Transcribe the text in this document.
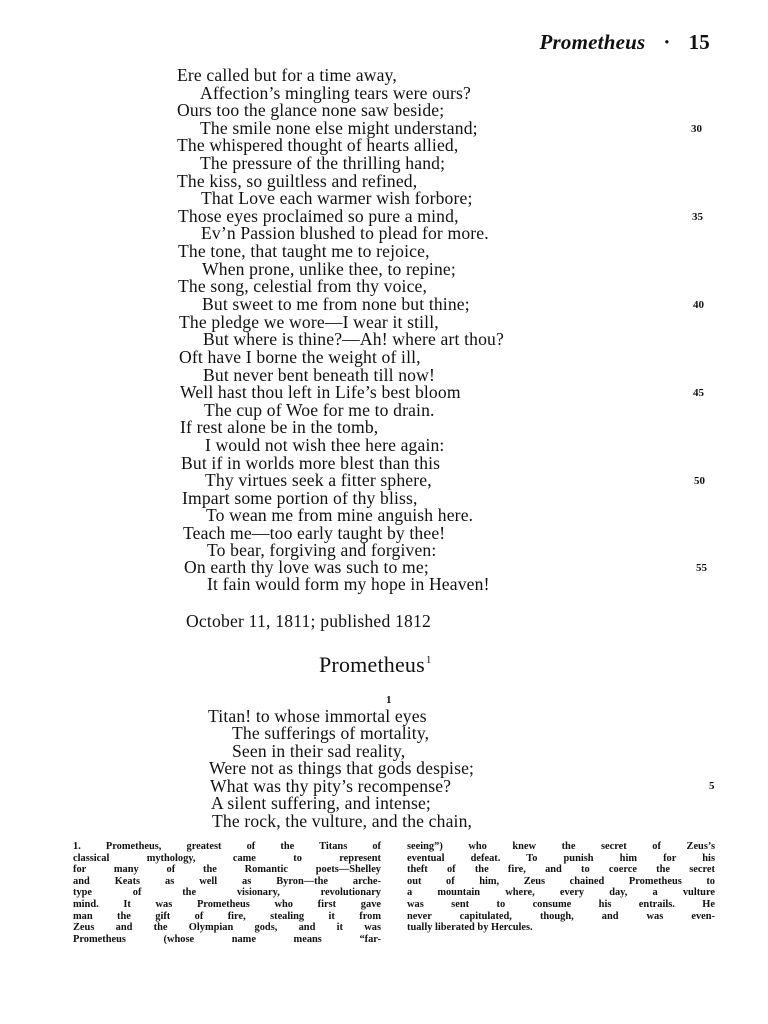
Prometheus · 15
Ere called but for a time away,
Affection’s mingling tears were ours?
Ours too the glance none saw beside;
The smile none else might understand;
The whispered thought of hearts allied,
The pressure of the thrilling hand;
The kiss, so guiltless and refined,
That Love each warmer wish forbore;
Those eyes proclaimed so pure a mind,
Ev’n Passion blushed to plead for more.
The tone, that taught me to rejoice,
When prone, unlike thee, to repine;
The song, celestial from thy voice,
But sweet to me from none but thine;
The pledge we wore—I wear it still,
But where is thine?—Ah! where art thou?
Oft have I borne the weight of ill,
But never bent beneath till now!
Well hast thou left in Life’s best bloom
The cup of Woe for me to drain.
If rest alone be in the tomb,
I would not wish thee here again:
But if in worlds more blest than this
Thy virtues seek a fitter sphere,
Impart some portion of thy bliss,
To wean me from mine anguish here.
Teach me—too early taught by thee!
To bear, forgiving and forgiven:
On earth thy love was such to me;
It fain would form my hope in Heaven!
30
35
40
45
50
55
October 11, 1811; published 1812
Prometheus$^1$
1
Titan! to whose immortal eyes
The sufferings of mortality,
Seen in their sad reality,
Were not as things that gods despise;
What was thy pity’s recompense?
A silent suffering, and intense;
The rock, the vulture, and the chain,
5
1. Prometheus, greatest of the Titans of
classical mythology, came to represent
for many of the Romantic poets—Shelley
and Keats as well as Byron—the arche-
type of the visionary, revolutionary
mind. It was Prometheus who first gave
man the gift of fire, stealing it from
Zeus and the Olympian gods, and it was
Prometheus (whose name means “far-
seeing”) who knew the secret of Zeus’s
eventual defeat. To punish him for his
theft of the fire, and to coerce the secret
out of him, Zeus chained Prometheus to
a mountain where, every day, a vulture
was sent to consume his entrails. He
never capitulated, though, and was even-
tually liberated by Hercules.
